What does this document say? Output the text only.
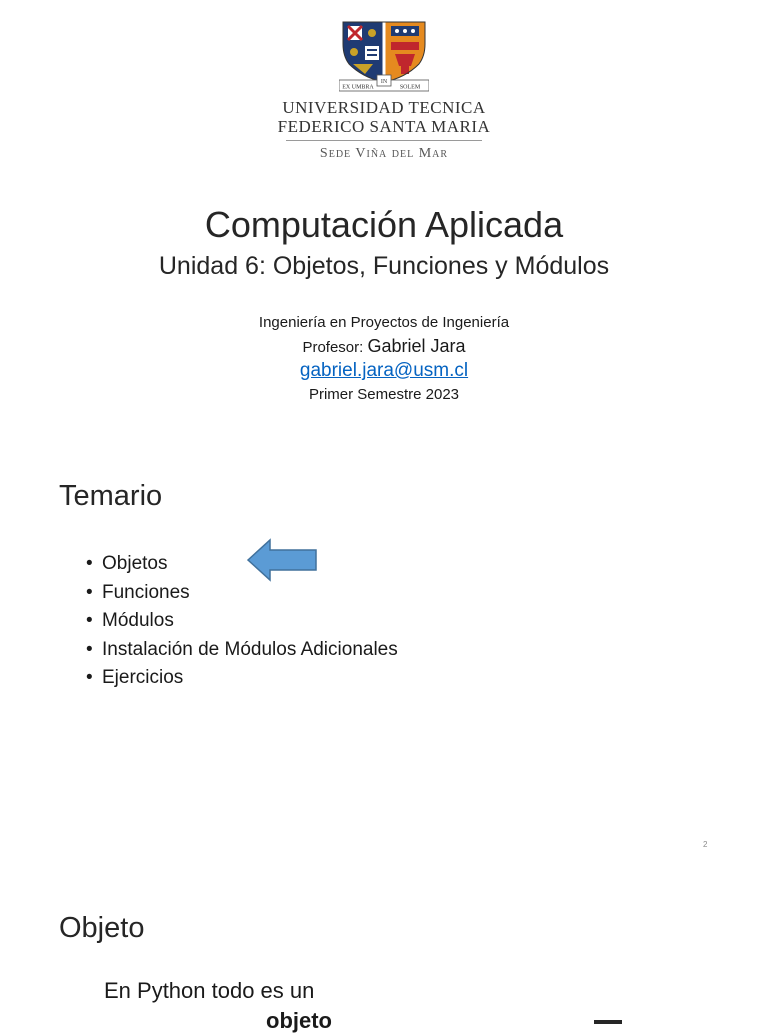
EX UMBRA
IN
SOLEM
UNIVERSIDAD TECNICA
FEDERICO SANTA MARIA
Sede Viña del Mar
Computación Aplicada
Unidad 6: Objetos, Funciones y Módulos
Ingeniería en Proyectos de Ingeniería
Profesor: Gabriel Jara
gabriel.jara@usm.cl
Primer Semestre 2023
Temario
• Objetos
• Funciones
• Módulos
• Instalación de Módulos Adicionales
• Ejercicios
2
Objeto
En Python todo es un
objeto
